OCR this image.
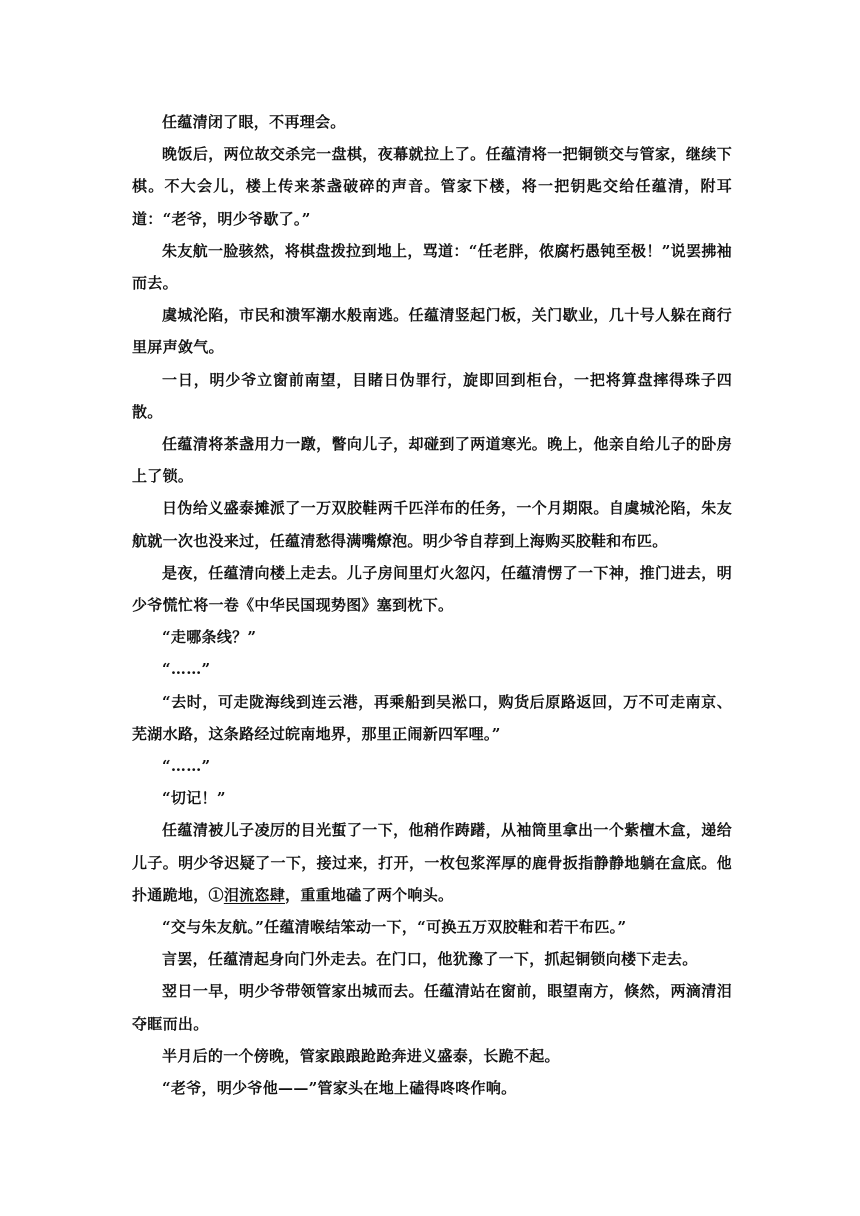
任蕴清闭了眼，不再理会。

晚饭后，两位故交杀完一盘棋，夜幕就拉上了。任蕴清将一把铜锁交与管家，继续下棋。不大会儿，楼上传来茶盏破碎的声音。管家下楼，将一把钥匙交给任蕴清，附耳道：“老爷，明少爷歇了。”

朱友航一脸骇然，将棋盘拨拉到地上，骂道：“任老胖，侬腐朽愚钝至极！”说罢拂袖而去。

虞城沦陷，市民和溃军潮水般南逃。任蕴清竖起门板，关门歇业，几十号人躲在商行里屏声敛气。

一日，明少爷立窗前南望，目睹日伪罪行，旋即回到柜台，一把将算盘摔得珠子四散。

任蕴清将茶盏用力一蹾，瞥向儿子，却碰到了两道寒光。晚上，他亲自给儿子的卧房上了锁。

日伪给义盛泰摊派了一万双胶鞋两千匹洋布的任务，一个月期限。自虞城沦陷，朱友航就一次也没来过，任蕴清愁得满嘴燎泡。明少爷自荐到上海购买胶鞋和布匹。

是夜，任蕴清向楼上走去。儿子房间里灯火忽闪，任蕴清愣了一下神，推门进去，明少爷慌忙将一卷《中华民国现势图》塞到枕下。

“走哪条线？”

“……”

“去时，可走陇海线到连云港，再乘船到吴淞口，购货后原路返回，万不可走南京、芜湖水路，这条路经过皖南地界，那里正闹新四军哩。”

“……”

“切记！”

任蕴清被儿子凌厉的目光蜇了一下，他稍作踌躇，从袖筒里拿出一个紫檀木盒，递给儿子。明少爷迟疑了一下，接过来，打开，一枚包浆浑厚的鹿骨扳指静静地躺在盒底。他扑通跪地，①泪流恣肆，重重地磕了两个响头。

“交与朱友航。”任蕴清喉结笨动一下，“可换五万双胶鞋和若干布匹。”

言罢，任蕴清起身向门外走去。在门口，他犹豫了一下，抓起铜锁向楼下走去。

翌日一早，明少爷带领管家出城而去。任蕴清站在窗前，眼望南方，倏然，两滴清泪夺眶而出。

半月后的一个傍晚，管家踉踉跄跄奔进义盛泰，长跪不起。

“老爷，明少爷他——”管家头在地上磕得咚咚作响。
